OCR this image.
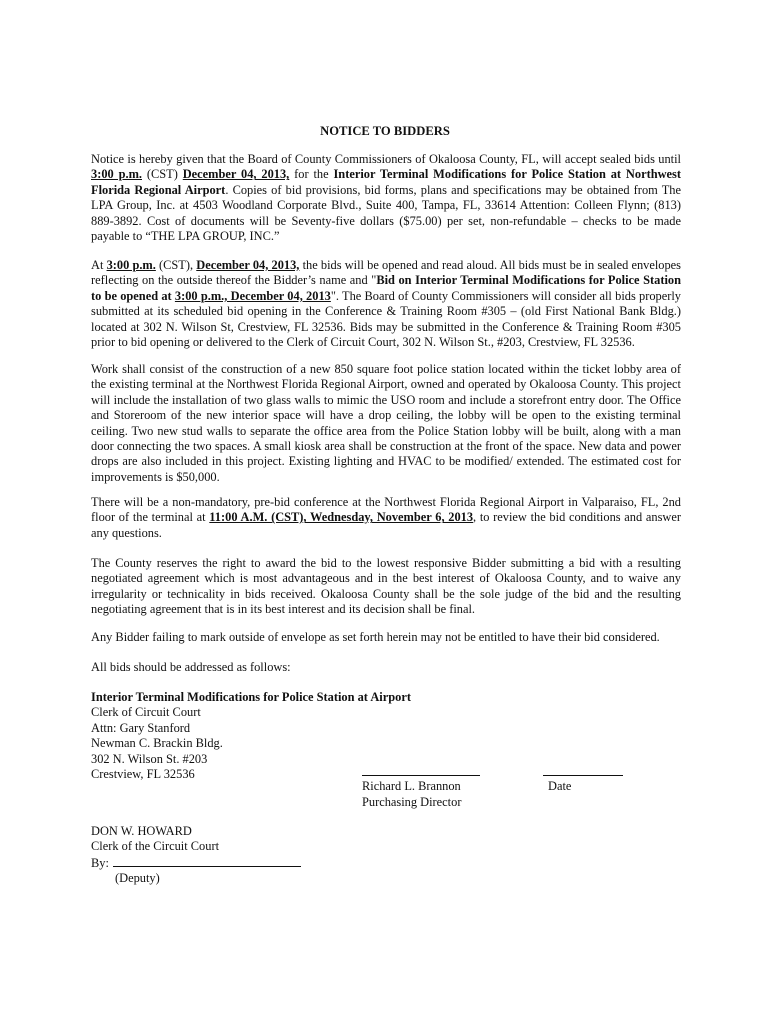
NOTICE TO BIDDERS

Notice is hereby given that the Board of County Commissioners of Okaloosa County, FL, will accept sealed bids until 3:00 p.m. (CST) December 04, 2013, for the Interior Terminal Modifications for Police Station at Northwest Florida Regional Airport. Copies of bid provisions, bid forms, plans and specifications may be obtained from The LPA Group, Inc. at 4503 Woodland Corporate Blvd., Suite 400, Tampa, FL, 33614 Attention: Colleen Flynn; (813) 889-3892. Cost of documents will be Seventy-five dollars ($75.00) per set, non-refundable – checks to be made payable to “THE LPA GROUP, INC.”

At 3:00 p.m. (CST), December 04, 2013, the bids will be opened and read aloud. All bids must be in sealed envelopes reflecting on the outside thereof the Bidder’s name and "Bid on Interior Terminal Modifications for Police Station to be opened at 3:00 p.m., December 04, 2013". The Board of County Commissioners will consider all bids properly submitted at its scheduled bid opening in the Conference & Training Room #305 – (old First National Bank Bldg.) located at 302 N. Wilson St, Crestview, FL 32536. Bids may be submitted in the Conference & Training Room #305 prior to bid opening or delivered to the Clerk of Circuit Court, 302 N. Wilson St., #203, Crestview, FL 32536.

Work shall consist of the construction of a new 850 square foot police station located within the ticket lobby area of the existing terminal at the Northwest Florida Regional Airport, owned and operated by Okaloosa County. This project will include the installation of two glass walls to mimic the USO room and include a storefront entry door. The Office and Storeroom of the new interior space will have a drop ceiling, the lobby will be open to the existing terminal ceiling. Two new stud walls to separate the office area from the Police Station lobby will be built, along with a man door connecting the two spaces. A small kiosk area shall be construction at the front of the space. New data and power drops are also included in this project. Existing lighting and HVAC to be modified/ extended. The estimated cost for improvements is $50,000.

There will be a non-mandatory, pre-bid conference at the Northwest Florida Regional Airport in Valparaiso, FL, 2nd floor of the terminal at 11:00 A.M. (CST), Wednesday, November 6, 2013, to review the bid conditions and answer any questions.

The County reserves the right to award the bid to the lowest responsive Bidder submitting a bid with a resulting negotiated agreement which is most advantageous and in the best interest of Okaloosa County, and to waive any irregularity or technicality in bids received. Okaloosa County shall be the sole judge of the bid and the resulting negotiating agreement that is in its best interest and its decision shall be final.

Any Bidder failing to mark outside of envelope as set forth herein may not be entitled to have their bid considered.

All bids should be addressed as follows:

Interior Terminal Modifications for Police Station at Airport
Clerk of Circuit Court
Attn: Gary Stanford
Newman C. Brackin Bldg.
302 N. Wilson St. #203
Crestview, FL 32536
Richard L. Brannon
Purchasing Director
Date
DON W. HOWARD
Clerk of the Circuit Court
By:
(Deputy)
